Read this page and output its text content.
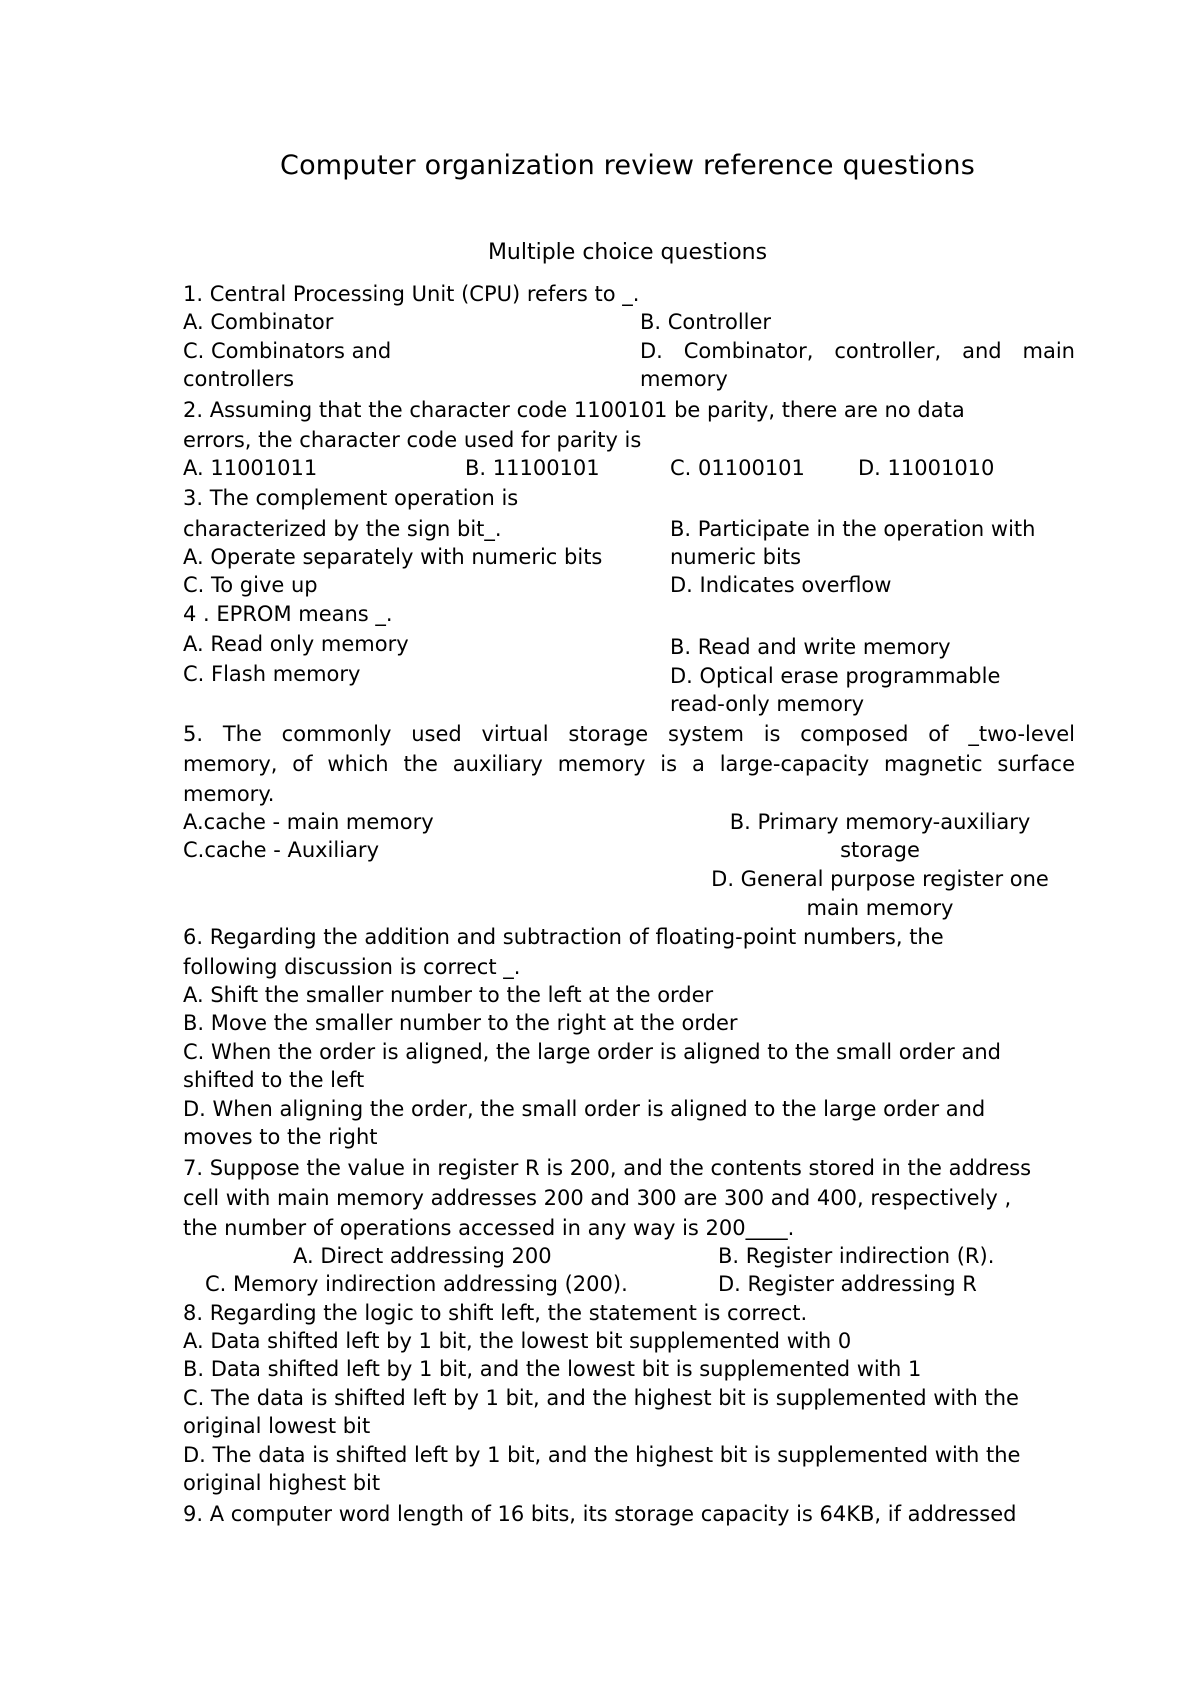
Computer organization review reference questions
Multiple choice questions
1. Central Processing Unit (CPU) refers to _.
A. Combinator	B. Controller
C. Combinators and	D. Combinator, controller, and main
controllers	memory
2. Assuming that the character code 1100101 be parity, there are no data
errors, the character code used for parity is
A. 11001011	B. 11100101	C. 01100101	D. 11001010
3. The complement operation is
characterized by the sign bit_.	B. Participate in the operation with
A. Operate separately with numeric bits	numeric bits
C. To give up	D. Indicates overflow
4 . EPROM means _.
A. Read only memory	B. Read and write memory
C. Flash memory	D. Optical erase programmable
read-only memory
5. The commonly used virtual storage system is composed of _two-level
memory, of which the auxiliary memory is a large-capacity magnetic surface
memory.
A.cache - main memory	B. Primary memory-auxiliary
C.cache - Auxiliary	storage
D. General purpose register one
main memory
6. Regarding the addition and subtraction of floating-point numbers, the
following discussion is correct _.
A. Shift the smaller number to the left at the order
B. Move the smaller number to the right at the order
C. When the order is aligned, the large order is aligned to the small order and
shifted to the left
D. When aligning the order, the small order is aligned to the large order and
moves to the right
7. Suppose the value in register R is 200, and the contents stored in the address
cell with main memory addresses 200 and 300 are 300 and 400, respectively ,
the number of operations accessed in any way is 200____.
A. Direct addressing 200	B. Register indirection (R).
C. Memory indirection addressing (200).	D. Register addressing R
8. Regarding the logic to shift left, the statement is correct.
A. Data shifted left by 1 bit, the lowest bit supplemented with 0
B. Data shifted left by 1 bit, and the lowest bit is supplemented with 1
C. The data is shifted left by 1 bit, and the highest bit is supplemented with the
original lowest bit
D. The data is shifted left by 1 bit, and the highest bit is supplemented with the
original highest bit
9. A computer word length of 16 bits, its storage capacity is 64KB, if addressed
